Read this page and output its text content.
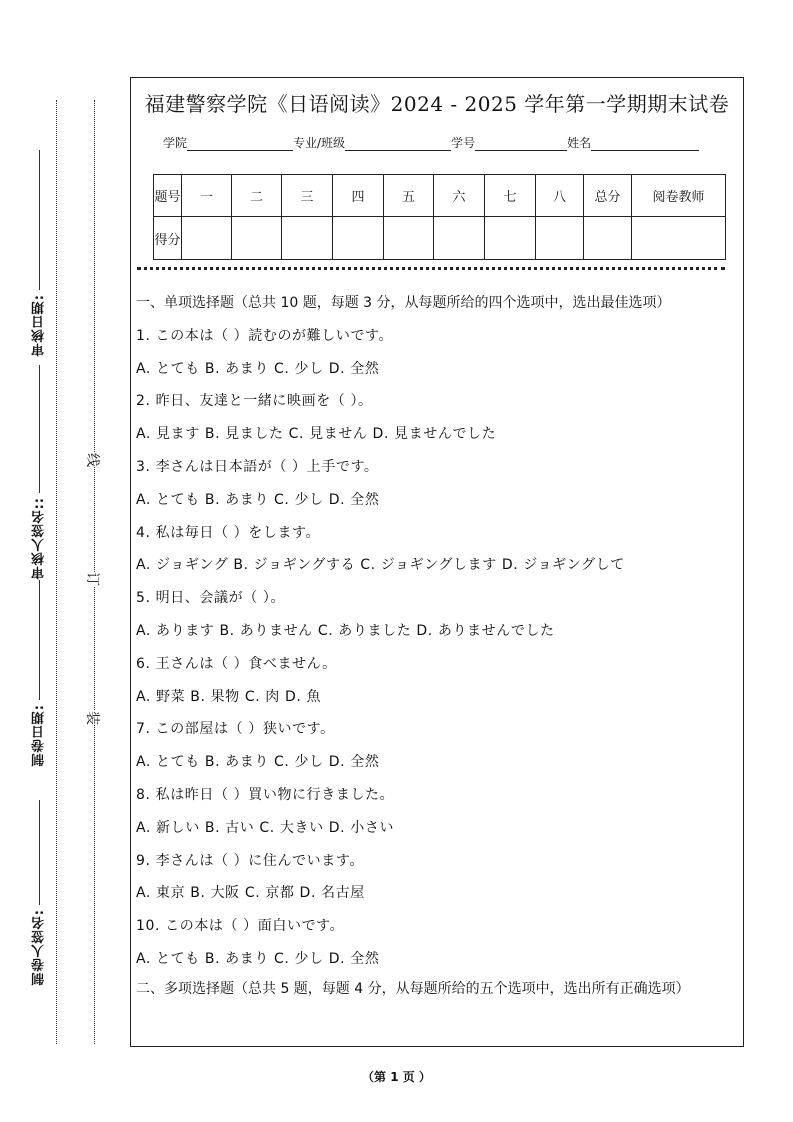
审核日期:
审核人签名::
制卷日期:
制卷人签名:
线
订
装
福建警察学院《日语阅读》2024 - 2025 学年第一学期期末试卷
学院	专业/班级	学号	姓名
题号	一	二	三	四	五	六	七	八	总分	阅卷教师
得分										
一、单项选择题（总共 10 题，每题 3 分，从每题所给的四个选项中，选出最佳选项）
1. この本は（ ）読むのが難しいです。
A. とても B. あまり C. 少し D. 全然
2. 昨日、友達と一緒に映画を（ ）。
A. 見ます B. 見ました C. 見ません D. 見ませんでした
3. 李さんは日本語が（ ）上手です。
A. とても B. あまり C. 少し D. 全然
4. 私は毎日（ ）をします。
A. ジョギング B. ジョギングする C. ジョギングします D. ジョギングして
5. 明日、会議が（ ）。
A. あります B. ありません C. ありました D. ありませんでした
6. 王さんは（ ）食べません。
A. 野菜 B. 果物 C. 肉 D. 魚
7. この部屋は（ ）狭いです。
A. とても B. あまり C. 少し D. 全然
8. 私は昨日（ ）買い物に行きました。
A. 新しい B. 古い C. 大きい D. 小さい
9. 李さんは（ ）に住んでいます。
A. 東京 B. 大阪 C. 京都 D. 名古屋
10. この本は（ ）面白いです。
A. とても B. あまり C. 少し D. 全然
二、多项选择题（总共 5 题，每题 4 分，从每题所给的五个选项中，选出所有正确选项）
（第 1 页 ）
